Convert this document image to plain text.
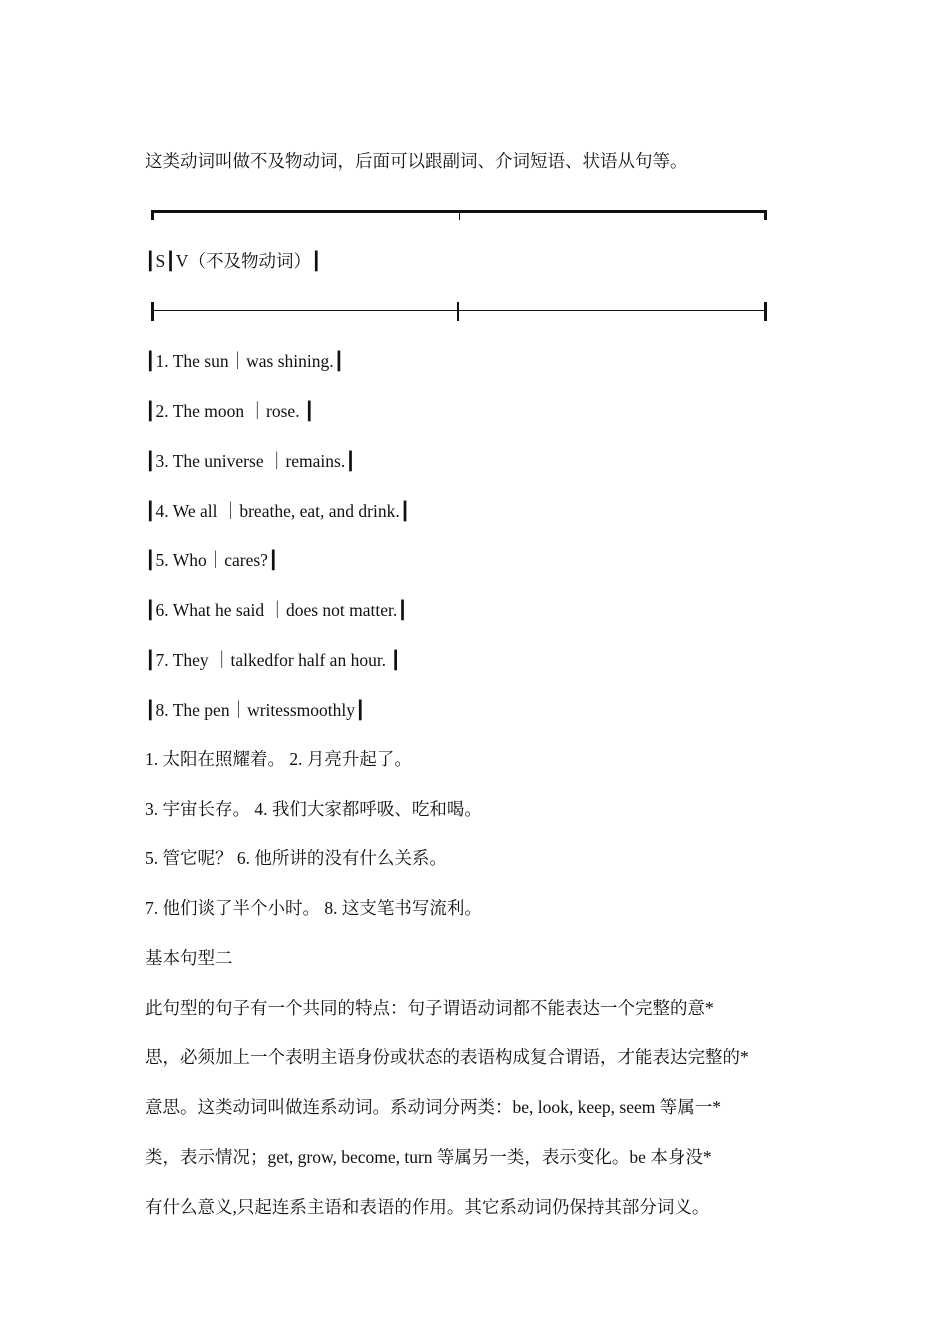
这类动词叫做不及物动词，后面可以跟副词、介词短语、状语从句等。
┃S┃V（不及物动词）┃
┃1. The sun｜was shining.┃
┃2. The moon ｜rose. ┃
┃3. The universe ｜remains.┃
┃4. We all ｜breathe, eat, and drink.┃
┃5. Who｜cares?┃
┃6. What he said ｜does not matter.┃
┃7. They ｜talkedfor half an hour. ┃
┃8. The pen｜writessmoothly┃
1. 太阳在照耀着。 2. 月亮升起了。
3. 宇宙长存。 4. 我们大家都呼吸、吃和喝。
5. 管它呢？ 6. 他所讲的没有什么关系。
7. 他们谈了半个小时。 8. 这支笔书写流利。
基本句型二
此句型的句子有一个共同的特点：句子谓语动词都不能表达一个完整的意*
思，必须加上一个表明主语身份或状态的表语构成复合谓语，才能表达完整的*
意思。这类动词叫做连系动词。系动词分两类：be, look, keep, seem 等属一*
类，表示情况；get, grow, become, turn 等属另一类，表示变化。be 本身没*
有什么意义,只起连系主语和表语的作用。其它系动词仍保持其部分词义。
